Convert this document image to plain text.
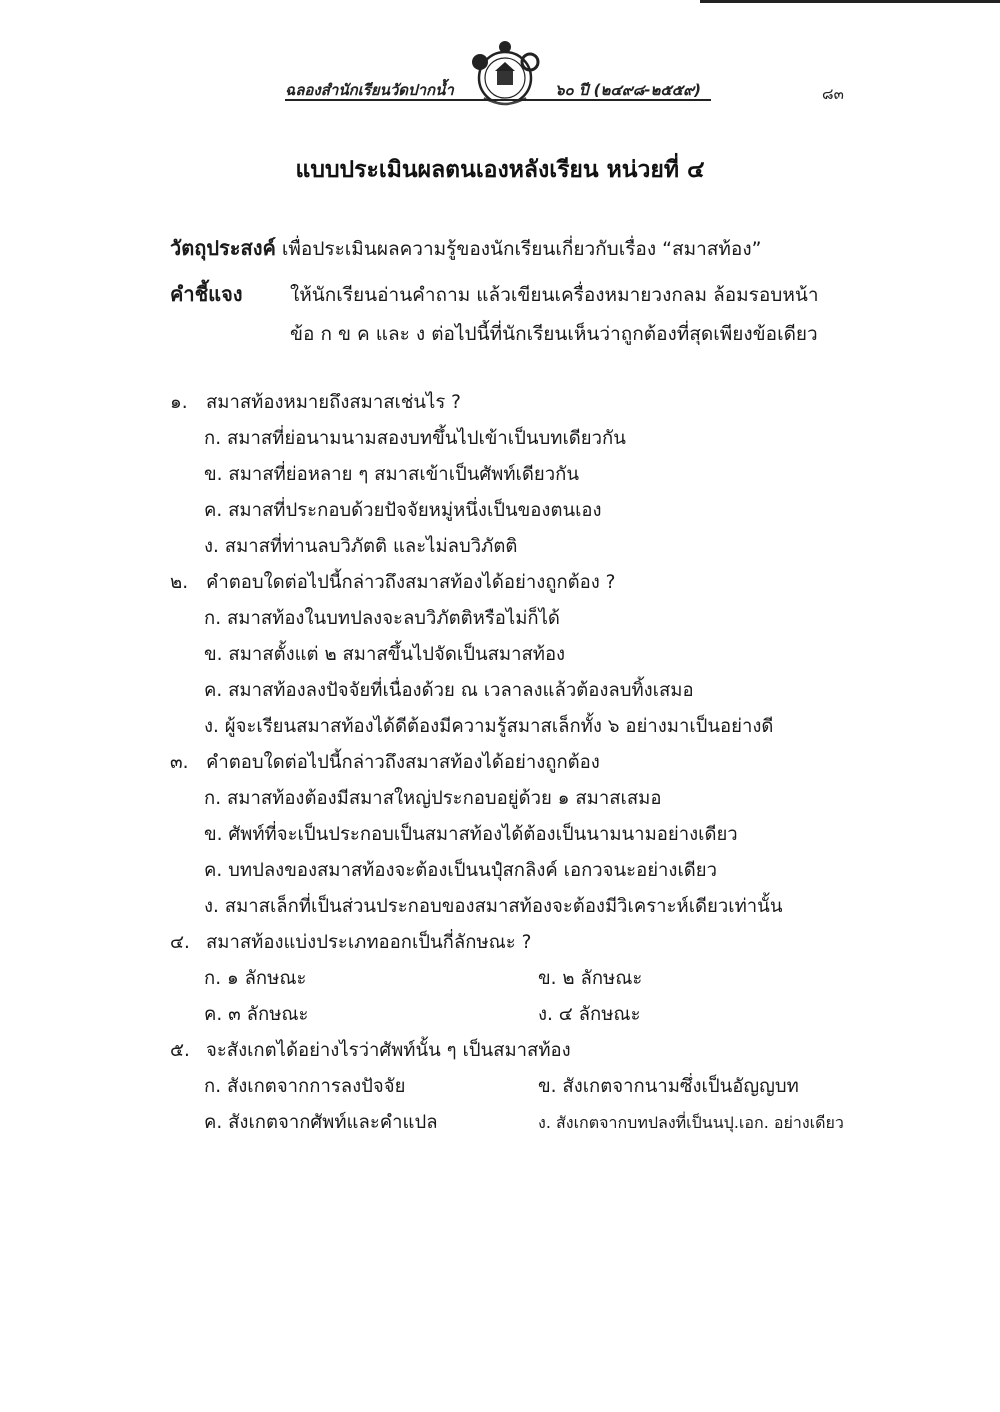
ฉลองสำนักเรียนวัดปากน้ำ	๖๐ ปี (๒๔๙๘-๒๕๕๙)	๘๓
แบบประเมินผลตนเองหลังเรียน หน่วยที่ ๔
วัตถุประสงค์ เพื่อประเมินผลความรู้ของนักเรียนเกี่ยวกับเรื่อง “สมาสท้อง”
คำชี้แจง ให้นักเรียนอ่านคำถาม แล้วเขียนเครื่องหมายวงกลม ล้อมรอบหน้า
ข้อ ก ข ค และ ง ต่อไปนี้ที่นักเรียนเห็นว่าถูกต้องที่สุดเพียงข้อเดียว
๑. สมาสท้องหมายถึงสมาสเช่นไร ?
ก. สมาสที่ย่อนามนามสองบทขึ้นไปเข้าเป็นบทเดียวกัน
ข. สมาสที่ย่อหลาย ๆ สมาสเข้าเป็นศัพท์เดียวกัน
ค. สมาสที่ประกอบด้วยปัจจัยหมู่หนึ่งเป็นของตนเอง
ง. สมาสที่ท่านลบวิภัตติ และไม่ลบวิภัตติ
๒. คำตอบใดต่อไปนี้กล่าวถึงสมาสท้องได้อย่างถูกต้อง ?
ก. สมาสท้องในบทปลงจะลบวิภัตติหรือไม่ก็ได้
ข. สมาสตั้งแต่ ๒ สมาสขึ้นไปจัดเป็นสมาสท้อง
ค. สมาสท้องลงปัจจัยที่เนื่องด้วย ณ เวลาลงแล้วต้องลบทิ้งเสมอ
ง. ผู้จะเรียนสมาสท้องได้ดีต้องมีความรู้สมาสเล็กทั้ง ๖ อย่างมาเป็นอย่างดี
๓. คำตอบใดต่อไปนี้กล่าวถึงสมาสท้องได้อย่างถูกต้อง
ก. สมาสท้องต้องมีสมาสใหญ่ประกอบอยู่ด้วย ๑ สมาสเสมอ
ข. ศัพท์ที่จะเป็นประกอบเป็นสมาสท้องได้ต้องเป็นนามนามอย่างเดียว
ค. บทปลงของสมาสท้องจะต้องเป็นนปุํสกลิงค์ เอกวจนะอย่างเดียว
ง. สมาสเล็กที่เป็นส่วนประกอบของสมาสท้องจะต้องมีวิเคราะห์เดียวเท่านั้น
๔. สมาสท้องแบ่งประเภทออกเป็นกี่ลักษณะ ?
ก. ๑ ลักษณะ	ข. ๒ ลักษณะ
ค. ๓ ลักษณะ	ง. ๔ ลักษณะ
๕. จะสังเกตได้อย่างไรว่าศัพท์นั้น ๆ เป็นสมาสท้อง
ก. สังเกตจากการลงปัจจัย	ข. สังเกตจากนามซึ่งเป็นอัญญบท
ค. สังเกตจากศัพท์และคำแปล	ง. สังเกตจากบทปลงที่เป็นนปุ.เอก. อย่างเดียว
